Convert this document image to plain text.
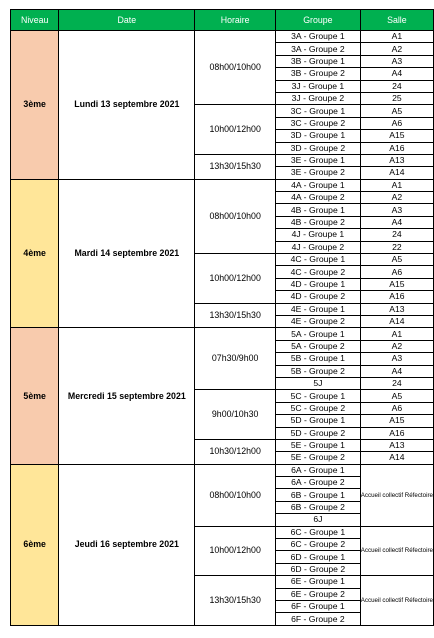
Niveau	Date	Horaire	Groupe	Salle
3ème	Lundi 13 septembre 2021	08h00/10h00	3A - Groupe 1	A1
			3A - Groupe 2	A2
			3B - Groupe 1	A3
			3B - Groupe 2	A4
			3J - Groupe 1	24
			3J - Groupe 2	25
		10h00/12h00	3C - Groupe 1	A5
			3C - Groupe 2	A6
			3D - Groupe 1	A15
			3D - Groupe 2	A16
		13h30/15h30	3E - Groupe 1	A13
			3E - Groupe 2	A14
4ème	Mardi 14 septembre 2021	08h00/10h00	4A - Groupe 1	A1
			4A - Groupe 2	A2
			4B - Groupe 1	A3
			4B - Groupe 2	A4
			4J - Groupe 1	24
			4J - Groupe 2	22
		10h00/12h00	4C - Groupe 1	A5
			4C - Groupe 2	A6
			4D - Groupe 1	A15
			4D - Groupe 2	A16
		13h30/15h30	4E - Groupe 1	A13
			4E - Groupe 2	A14
5ème	Mercredi 15 septembre 2021	07h30/9h00	5A - Groupe 1	A1
			5A - Groupe 2	A2
			5B - Groupe 1	A3
			5B - Groupe 2	A4
			5J	24
		9h00/10h30	5C - Groupe 1	A5
			5C - Groupe 2	A6
			5D - Groupe 1	A15
			5D - Groupe 2	A16
		10h30/12h00	5E - Groupe 1	A13
			5E - Groupe 2	A14
6ème	Jeudi 16 septembre 2021	08h00/10h00	6A - Groupe 1	Accueil collectif Réfectoire
			6A - Groupe 2	
			6B - Groupe 1	
			6B - Groupe 2	
			6J	
		10h00/12h00	6C - Groupe 1	Accueil collectif Réfectoire
			6C - Groupe 2	
			6D - Groupe 1	
			6D - Groupe 2	
		13h30/15h30	6E - Groupe 1	Accueil collectif Réfectoire
			6E - Groupe 2	
			6F - Groupe 1	
			6F - Groupe 2	
